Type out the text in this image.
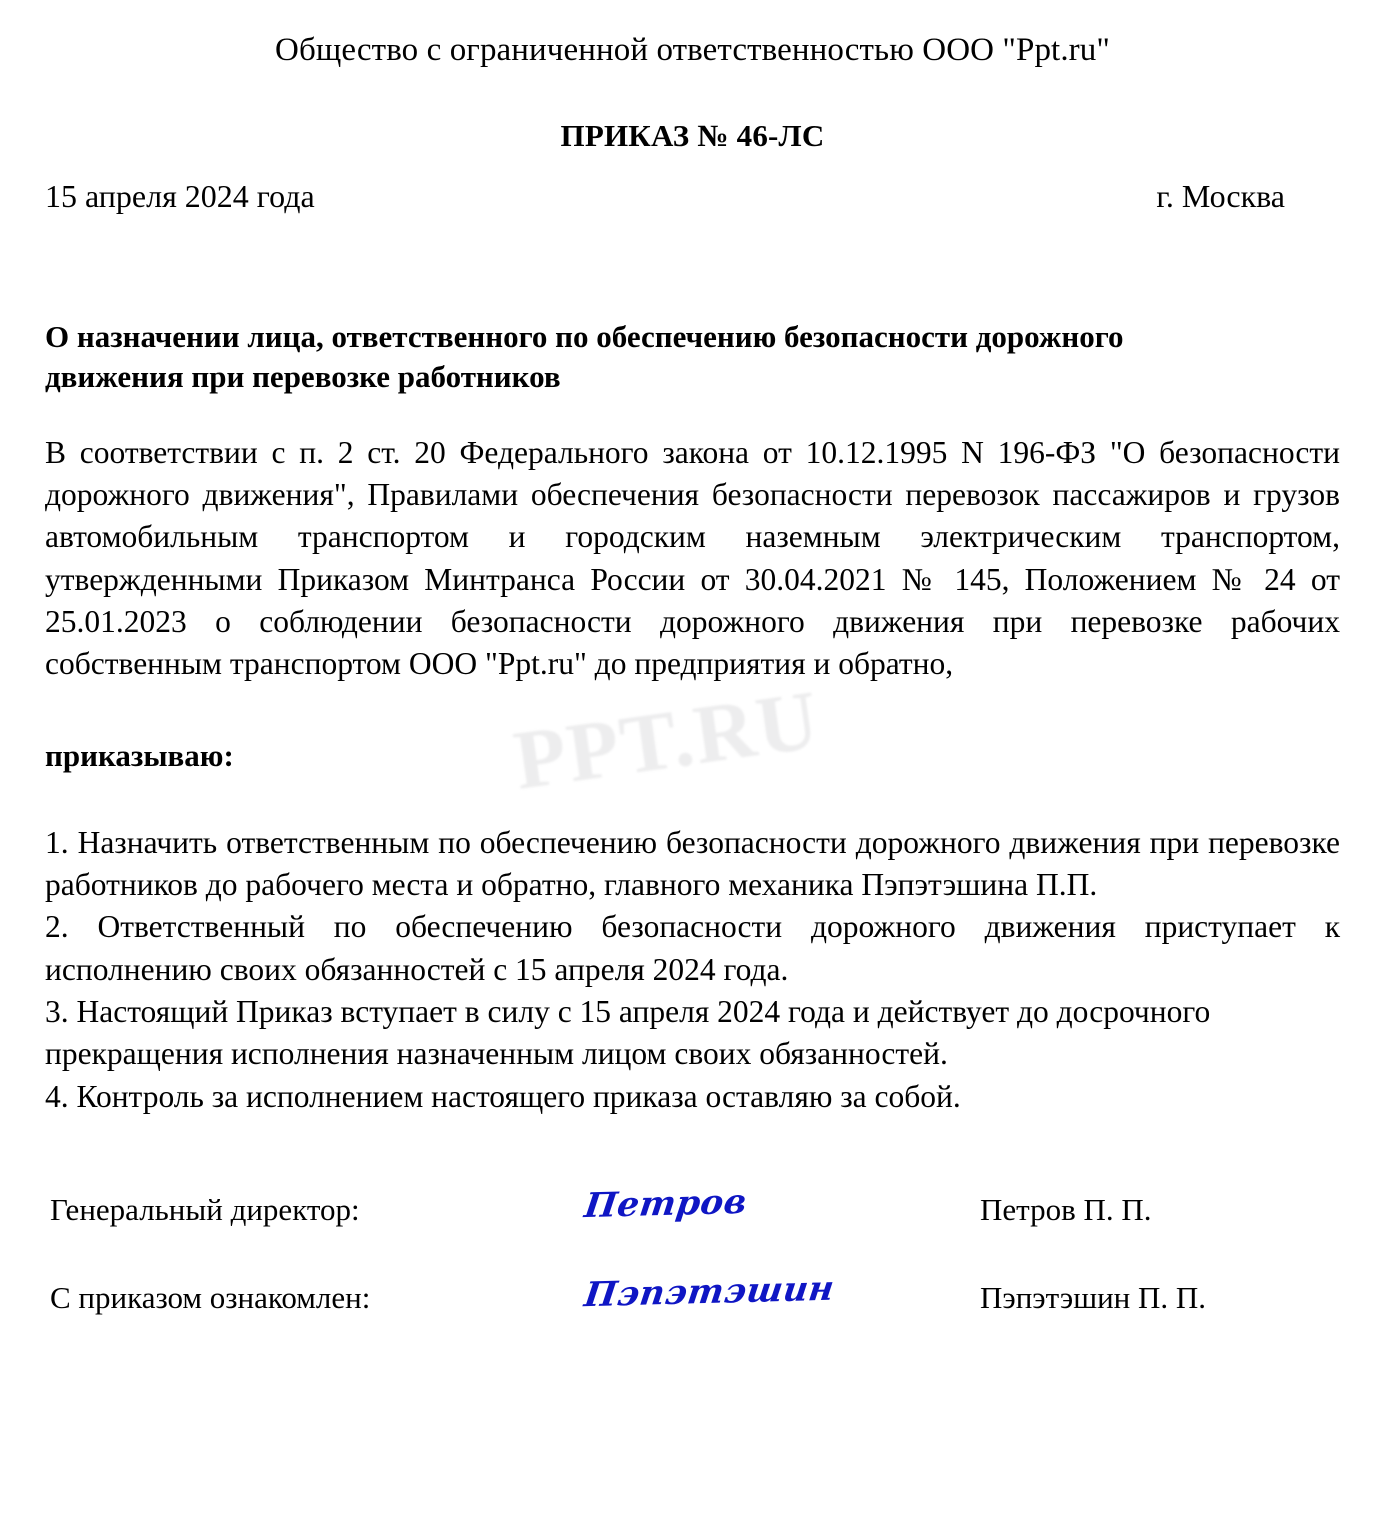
PPT.RU
Общество с ограниченной ответственностью ООО "Ppt.ru"
ПРИКАЗ № 46-ЛС
15 апреля 2024 года	г. Москва
О назначении лица, ответственного по обеспечению безопасности дорожного движения при перевозке работников
В соответствии с п. 2 ст. 20 Федерального закона от 10.12.1995 N 196-ФЗ "О безопасности дорожного движения", Правилами обеспечения безопасности перевозок пассажиров и грузов автомобильным транспортом и городским наземным электрическим транспортом, утвержденными Приказом Минтранса России от 30.04.2021 № 145, Положением № 24 от 25.01.2023 о соблюдении безопасности дорожного движения при перевозке рабочих собственным транспортом ООО "Ppt.ru" до предприятия и обратно,
приказываю:
1. Назначить ответственным по обеспечению безопасности дорожного движения при перевозке работников до рабочего места и обратно, главного механика Пэпэтэшина П.П.
2. Ответственный по обеспечению безопасности дорожного движения приступает к исполнению своих обязанностей с 15 апреля 2024 года.
3. Настоящий Приказ вступает в силу с 15 апреля 2024 года и действует до досрочного прекращения исполнения назначенным лицом своих обязанностей.
4. Контроль за исполнением настоящего приказа оставляю за собой.
Генеральный директор:	Петров	Петров П. П.
С приказом ознакомлен:	Пэпэтэшин	Пэпэтэшин П. П.
